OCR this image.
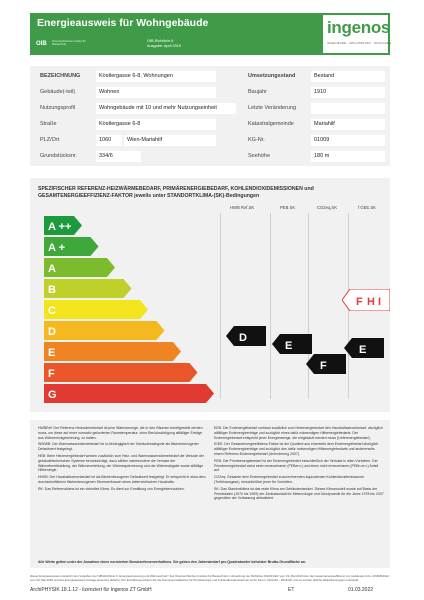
Energieausweis für Wohngebäude
OIB Österreichisches Institut für Bautechnik
OIB-Richtlinie 6
Ausgabe: April 2019
ingenos
INGENIEURE · ARCHITEKTEN · ÖKOLOGEN
BEZEICHNUNG	Köstlergasse 6-8, Wohnungen	Umsetzungsstand	Bestand
Gebäude(-teil)	Wohnen	Baujahr	1910
Nutzungsprofil	Wohngebäude mit 10 und mehr Nutzungseinheit	Letzte Veränderung
Straße	Köstlergasse 6-8	Katastralgemeinde	Mariahilf
PLZ/Ort	1060	Wien-Mariahilf	KG-Nr.	01009
Grundstücksnr.	334/6	Seehöhe	180 m
SPEZIFISCHER REFERENZ-HEIZWÄRMEBEDARF, PRIMÄRENERGIEBEDARF, KOHLENDIOXIDEMISSIONEN und GESAMTENERGIEEFFIZIENZ-FAKTOR jeweils unter STANDORTKLIMA-(SK)-Bedingungen
HWB Ref,SK	PEB SK	CO2eq,SK	f GEE,SK
A ++
A +
A
B
C
D
E
F
G
F H I
D
E
F
E

HWBRef: Der Referenz-Heizwärmebedarf ist jene Wärmemenge, die in den Räumen bereitgestellt werden muss, um diese auf einer normativ geforderten Raumtemperatur, ohne Berücksichtigung allfälliger Erträge aus Wärmerückgewinnung, zu halten.

WWWB: Der Warmwasserwärmebedarf ist in Abhängigkeit der Gebäudekategorie als flächenbezogener Defaultwert festgelegt.

HEB: Beim Heizenergiebedarf werden zusätzlich zum Heiz- und Warmwasserwärmebedarf die Verluste der gebäudetechnischen Systeme berücksichtigt, dazu zählen insbesondere die Verluste der Wärmebereitstellung, der Wärmeverteilung, der Wärmespeicherung und der Wärmeabgabe sowie allfällige Hilfsenergie.

HHSB: Der Haushaltsstrombedarf ist als flächenbezogener Defaultwert festgelegt. Er entspricht in etwa dem durchschnittlichen flächenbezogenen Stromverbrauch eines österreichischen Haushalts.

RK: Das Referenzklima ist ein virtuelles Klima. Es dient zur Ermittlung von Energiekennzahlen.

EEB: Der Endenergiebedarf umfasst zusätzlich zum Heizenergiebedarf den Haushaltsstrombedarf, abzüglich allfälliger Endenergieerträge und zuzüglich eines dafür notwendigen Hilfsenergiebedarfs. Der Endenergiebedarf entspricht jener Energiemenge, die eingekauft werden muss (Lieferenergiebedarf).

fGEE: Der Gesamtenergieeffizienz-Faktor ist der Quotient aus einerseits dem Endenergiebedarf abzüglich allfälliger Endenergieerträge und zuzüglich des dafür notwendigen Hilfsenergiebedarfs und andererseits einem Referenz-Endenergiebedarf (Anforderung 2007).

PEB: Der Primärenergiebedarf ist der Endenergiebedarf einschließlich der Verluste in allen Vorketten. Der Primärenergiebedarf weist einen erneuerbaren (PEBern.) und einen nicht erneuerbaren (PEBn.ern.) Anteil auf.

CO2eq: Gesamte dem Endenergiebedarf zuzurechnenden äquivalenten Kohlendioxidemissionen (Treibhausgase), einschließlich jener für Vorketten.

SK: Das Standortklima ist das reale Klima am Gebäudestandort. Dieses Klimamodell wurde auf Basis der Primärdaten (1970 bis 1999) der Zentralanstalt für Meteorologie und Geodynamik für die Jahre 1978 bis 2007 gegenüber der Vorfassung aktualisiert.

Alle Werte gelten unter der Annahme eines normierten BenutzerInnenverhaltens. Sie geben den Jahresbedarf pro Quadratmeter beheizter Brutto-Grundfläche an.
Dieser Energieausweis entspricht den Vorgaben der OIB-Richtlinie 6 „Energieeinsparung und Wärmeschutz" des Österreichischen Instituts für Bautechnik in Umsetzung der Richtlinie 2010/31/EU vom 19. Mai 2010 über die Gesamtenergieeffizienz von Gebäuden bzw. 2018/844/EU vom 30. Mai 2018 und des Energieausweis-Vorlage-Gesetzes (EAVG). Der Ermittlungszeitraum für die Konversionsfaktoren für Primärenergie und Kohlendioxidemissionen ist für Strom: 2013-09 – 2018-08, und es wurden übliche Allokationsregeln unterstellt.
ArchiPHYSIK 18.1.12 - lizenziert für Ingenos ZT GmbH	ET	01.03.2022
